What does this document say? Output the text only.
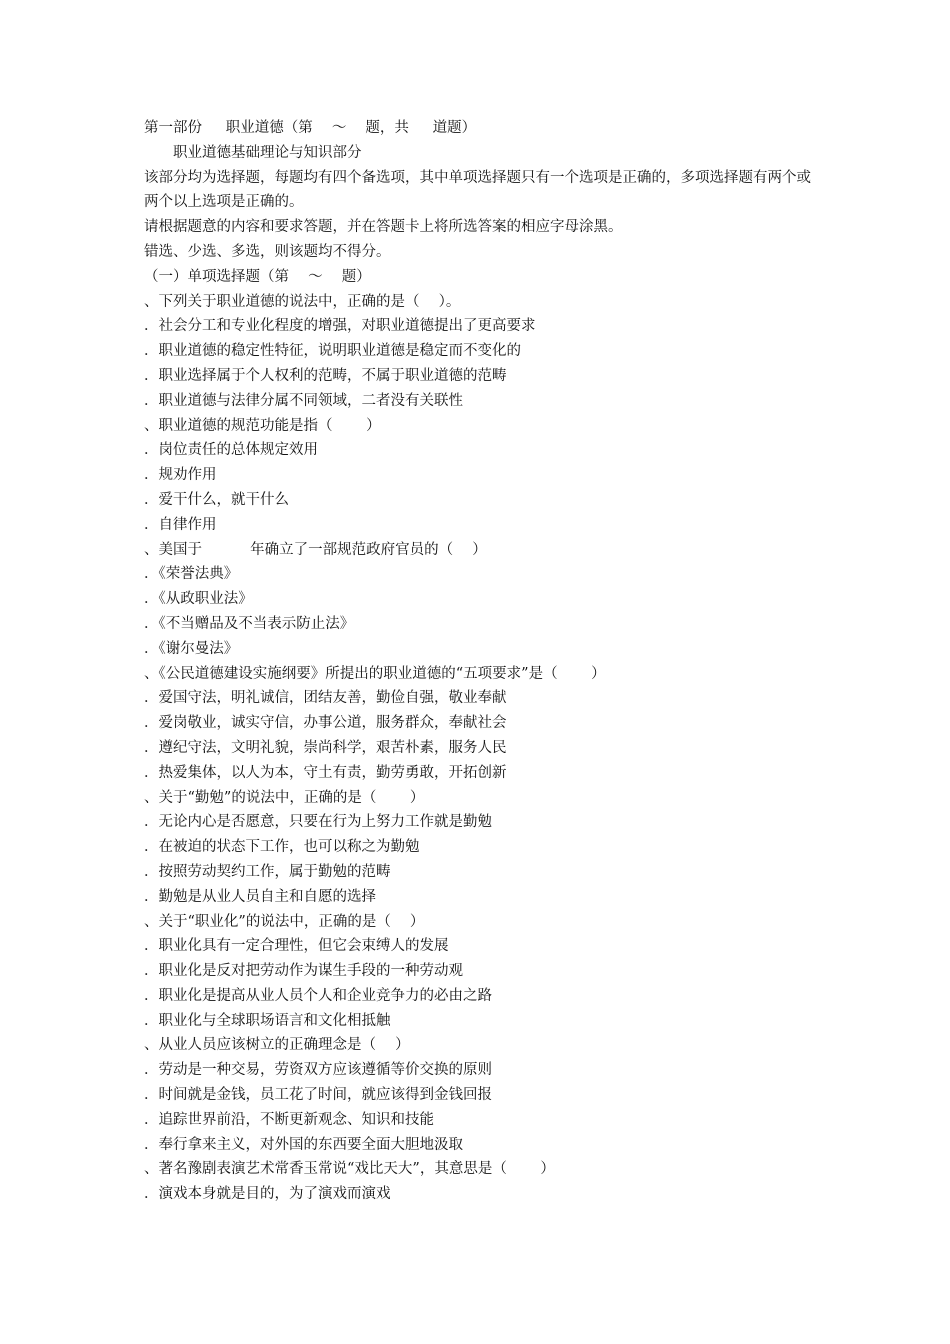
第一部份 　 职业道德（第 　～ 　题，共 　 道题）
　　职业道德基础理论与知识部分
该部分均为选择题，每题均有四个备选项，其中单项选择题只有一个选项是正确的，多项选择题有两个或两个以上选项是正确的。
请根据题意的内容和要求答题，并在答题卡上将所选答案的相应字母涂黑。
错选、少选、多选，则该题均不得分。
（一）单项选择题（第 　～ 　题）
、下列关于职业道德的说法中，正确的是（ 　）。
．社会分工和专业化程度的增强，对职业道德提出了更高要求
．职业道德的稳定性特征，说明职业道德是稳定而不变化的
．职业选择属于个人权利的范畴，不属于职业道德的范畴
．职业道德与法律分属不同领域，二者没有关联性
、职业道德的规范功能是指（ 　　）
．岗位责任的总体规定效用
．规劝作用
．爱干什么，就干什么
．自律作用
、美国于 　　　年确立了一部规范政府官员的（ 　）
．《荣誉法典》
．《从政职业法》
．《不当赠品及不当表示防止法》
．《谢尔曼法》
、《公民道德建设实施纲要》所提出的职业道德的“五项要求”是（ 　　）
．爱国守法，明礼诚信，团结友善，勤俭自强，敬业奉献
．爱岗敬业，诚实守信，办事公道，服务群众，奉献社会
．遵纪守法，文明礼貌，崇尚科学，艰苦朴素，服务人民
．热爱集体，以人为本，守土有责，勤劳勇敢，开拓创新
、关于“勤勉”的说法中，正确的是（ 　　）
．无论内心是否愿意，只要在行为上努力工作就是勤勉
．在被迫的状态下工作，也可以称之为勤勉
．按照劳动契约工作，属于勤勉的范畴
．勤勉是从业人员自主和自愿的选择
、关于“职业化”的说法中，正确的是（ 　）
．职业化具有一定合理性，但它会束缚人的发展
．职业化是反对把劳动作为谋生手段的一种劳动观
．职业化是提高从业人员个人和企业竞争力的必由之路
．职业化与全球职场语言和文化相抵触
、从业人员应该树立的正确理念是（ 　）
．劳动是一种交易，劳资双方应该遵循等价交换的原则
．时间就是金钱，员工花了时间，就应该得到金钱回报
．追踪世界前沿，不断更新观念、知识和技能
．奉行拿来主义，对外国的东西要全面大胆地汲取
、著名豫剧表演艺术常香玉常说“戏比天大”，其意思是（ 　　）
．演戏本身就是目的，为了演戏而演戏
